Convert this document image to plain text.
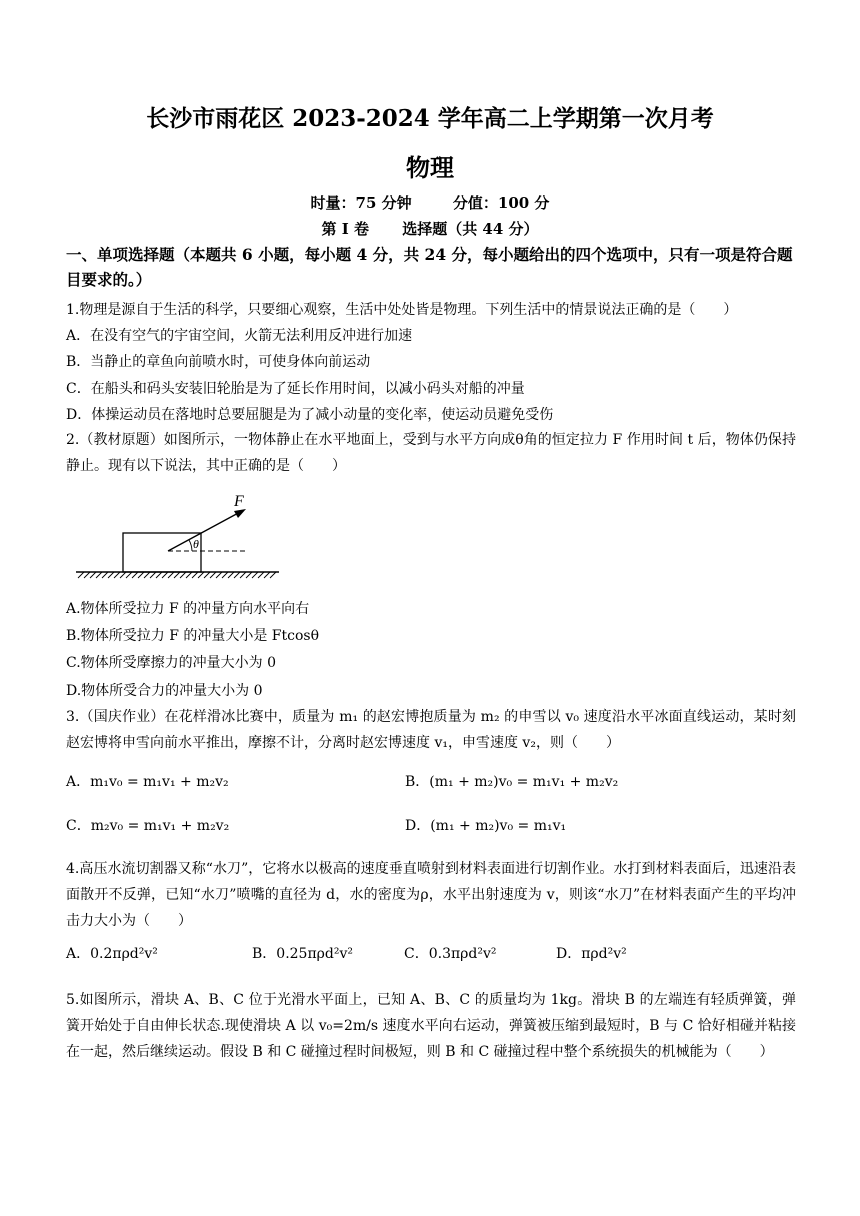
长沙市雨花区 2023-2024 学年高二上学期第一次月考
物理
时量：75 分钟	分值：100 分
第 I 卷 选择题（共 44 分）
一、单项选择题（本题共 6 小题，每小题 4 分，共 24 分，每小题给出的四个选项中，只有一项是符合题目要求的。）
1.物理是源自于生活的科学，只要细心观察，生活中处处皆是物理。下列生活中的情景说法正确的是（　　）
A．在没有空气的宇宙空间，火箭无法利用反冲进行加速
B．当静止的章鱼向前喷水时，可使身体向前运动
C．在船头和码头安装旧轮胎是为了延长作用时间，以减小码头对船的冲量
D．体操运动员在落地时总要屈腿是为了减小动量的变化率，使运动员避免受伤
2.（教材原题）如图所示，一物体静止在水平地面上，受到与水平方向成θ角的恒定拉力 F 作用时间 t 后，物体仍保持静止。现有以下说法，其中正确的是（　　）
F
θ
A.物体所受拉力 F 的冲量方向水平向右
B.物体所受拉力 F 的冲量大小是 Ftcosθ
C.物体所受摩擦力的冲量大小为 0
D.物体所受合力的冲量大小为 0
3.（国庆作业）在花样滑冰比赛中，质量为 m₁ 的赵宏博抱质量为 m₂ 的申雪以 v₀ 速度沿水平冰面直线运动，某时刻赵宏博将申雪向前水平推出，摩擦不计，分离时赵宏博速度 v₁，申雪速度 v₂，则（　　）
A．m₁v₀ = m₁v₁ + m₂v₂	B．(m₁ + m₂)v₀ = m₁v₁ + m₂v₂
C．m₂v₀ = m₁v₁ + m₂v₂	D．(m₁ + m₂)v₀ = m₁v₁
4.高压水流切割器又称“水刀”，它将水以极高的速度垂直喷射到材料表面进行切割作业。水打到材料表面后，迅速沿表面散开不反弹，已知“水刀”喷嘴的直径为 d，水的密度为ρ，水平出射速度为 v，则该“水刀”在材料表面产生的平均冲击力大小为（　　）
A．0.2πρd²v²	B．0.25πρd²v²	C．0.3πρd²v²	D．πρd²v²
5.如图所示，滑块 A、B、C 位于光滑水平面上，已知 A、B、C 的质量均为 1kg。滑块 B 的左端连有轻质弹簧，弹簧开始处于自由伸长状态.现使滑块 A 以 v₀=2m/s 速度水平向右运动，弹簧被压缩到最短时，B 与 C 恰好相碰并粘接在一起，然后继续运动。假设 B 和 C 碰撞过程时间极短，则 B 和 C 碰撞过程中整个系统损失的机械能为（　　）
